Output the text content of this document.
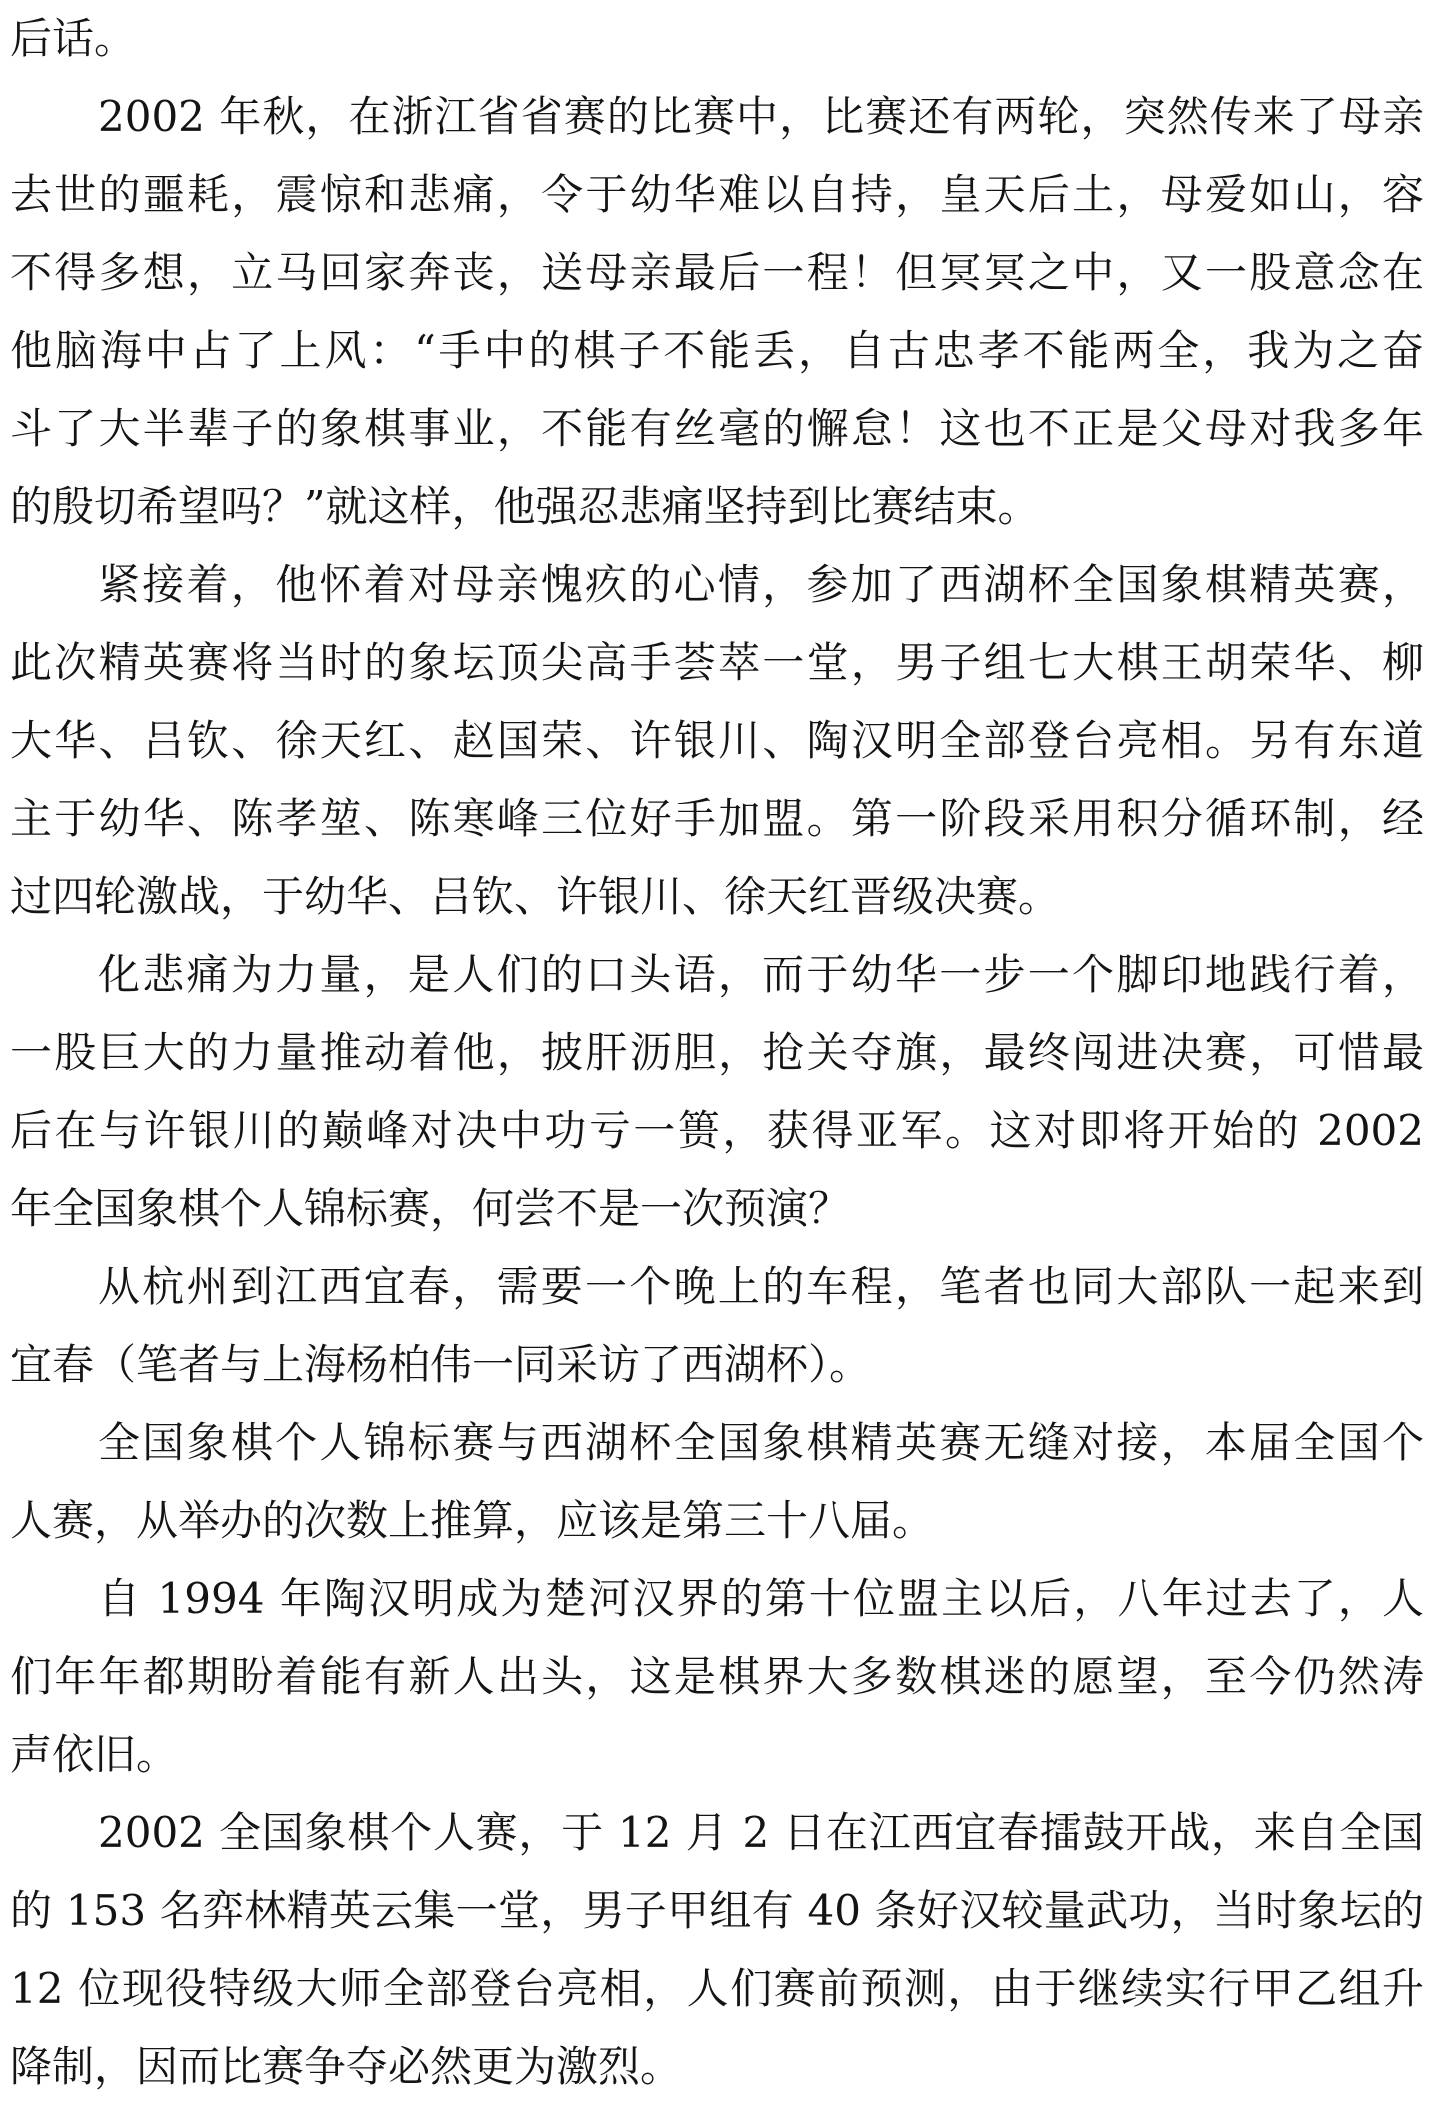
后话。
2002 年秋，在浙江省省赛的比赛中，比赛还有两轮，突然传来了母亲
去世的噩耗，震惊和悲痛，令于幼华难以自持，皇天后土，母爱如山，容
不得多想，立马回家奔丧，送母亲最后一程！但冥冥之中，又一股意念在
他脑海中占了上风：“手中的棋子不能丢，自古忠孝不能两全，我为之奋
斗了大半辈子的象棋事业，不能有丝毫的懈怠！这也不正是父母对我多年
的殷切希望吗？”就这样，他强忍悲痛坚持到比赛结束。
紧接着，他怀着对母亲愧疚的心情，参加了西湖杯全国象棋精英赛，
此次精英赛将当时的象坛顶尖高手荟萃一堂，男子组七大棋王胡荣华、柳
大华、吕钦、徐天红、赵国荣、许银川、陶汉明全部登台亮相。另有东道
主于幼华、陈孝堃、陈寒峰三位好手加盟。第一阶段采用积分循环制，经
过四轮激战，于幼华、吕钦、许银川、徐天红晋级决赛。
化悲痛为力量，是人们的口头语，而于幼华一步一个脚印地践行着，
一股巨大的力量推动着他，披肝沥胆，抢关夺旗，最终闯进决赛，可惜最
后在与许银川的巅峰对决中功亏一篑，获得亚军。这对即将开始的 2002
年全国象棋个人锦标赛，何尝不是一次预演？
从杭州到江西宜春，需要一个晚上的车程，笔者也同大部队一起来到
宜春（笔者与上海杨柏伟一同采访了西湖杯）。
全国象棋个人锦标赛与西湖杯全国象棋精英赛无缝对接，本届全国个
人赛，从举办的次数上推算，应该是第三十八届。
自 1994 年陶汉明成为楚河汉界的第十位盟主以后，八年过去了，人
们年年都期盼着能有新人出头，这是棋界大多数棋迷的愿望，至今仍然涛
声依旧。
2002 全国象棋个人赛，于 12 月 2 日在江西宜春擂鼓开战，来自全国
的 153 名弈林精英云集一堂，男子甲组有 40 条好汉较量武功，当时象坛的
12 位现役特级大师全部登台亮相，人们赛前预测，由于继续实行甲乙组升
降制，因而比赛争夺必然更为激烈。
